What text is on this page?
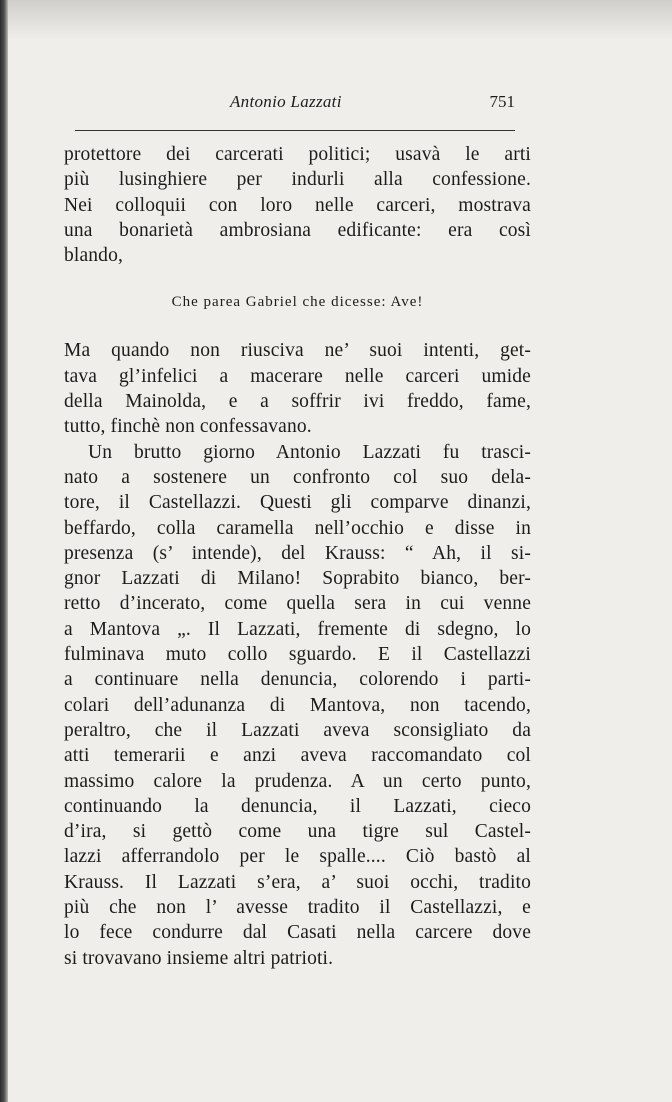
Antonio Lazzati	751

protettore dei carcerati politici; usavà le arti
più lusinghiere per indurli alla confessione.
Nei colloquii con loro nelle carceri, mostrava
una bonarietà ambrosiana edificante: era così
blando,

Che parea Gabriel che dicesse: Ave!

Ma quando non riusciva ne’ suoi intenti, get-
tava gl’infelici a macerare nelle carceri umide
della Mainolda, e a soffrir ivi freddo, fame,
tutto, finchè non confessavano.

Un brutto giorno Antonio Lazzati fu trasci-
nato a sostenere un confronto col suo dela-
tore, il Castellazzi. Questi gli comparve dinanzi,
beffardo, colla caramella nell’occhio e disse in
presenza (s’ intende), del Krauss: “ Ah, il si-
gnor Lazzati di Milano! Soprabito bianco, ber-
retto d’incerato, come quella sera in cui venne
a Mantova „. Il Lazzati, fremente di sdegno, lo
fulminava muto collo sguardo. E il Castellazzi
a continuare nella denuncia, colorendo i parti-
colari dell’adunanza di Mantova, non tacendo,
peraltro, che il Lazzati aveva sconsigliato da
atti temerarii e anzi aveva raccomandato col
massimo calore la prudenza. A un certo punto,
continuando la denuncia, il Lazzati, cieco
d’ira, si gettò come una tigre sul Castel-
lazzi afferrandolo per le spalle.... Ciò bastò al
Krauss. Il Lazzati s’era, a’ suoi occhi, tradito
più che non l’ avesse tradito il Castellazzi, e
lo fece condurre dal Casati nella carcere dove
si trovavano insieme altri patrioti.
